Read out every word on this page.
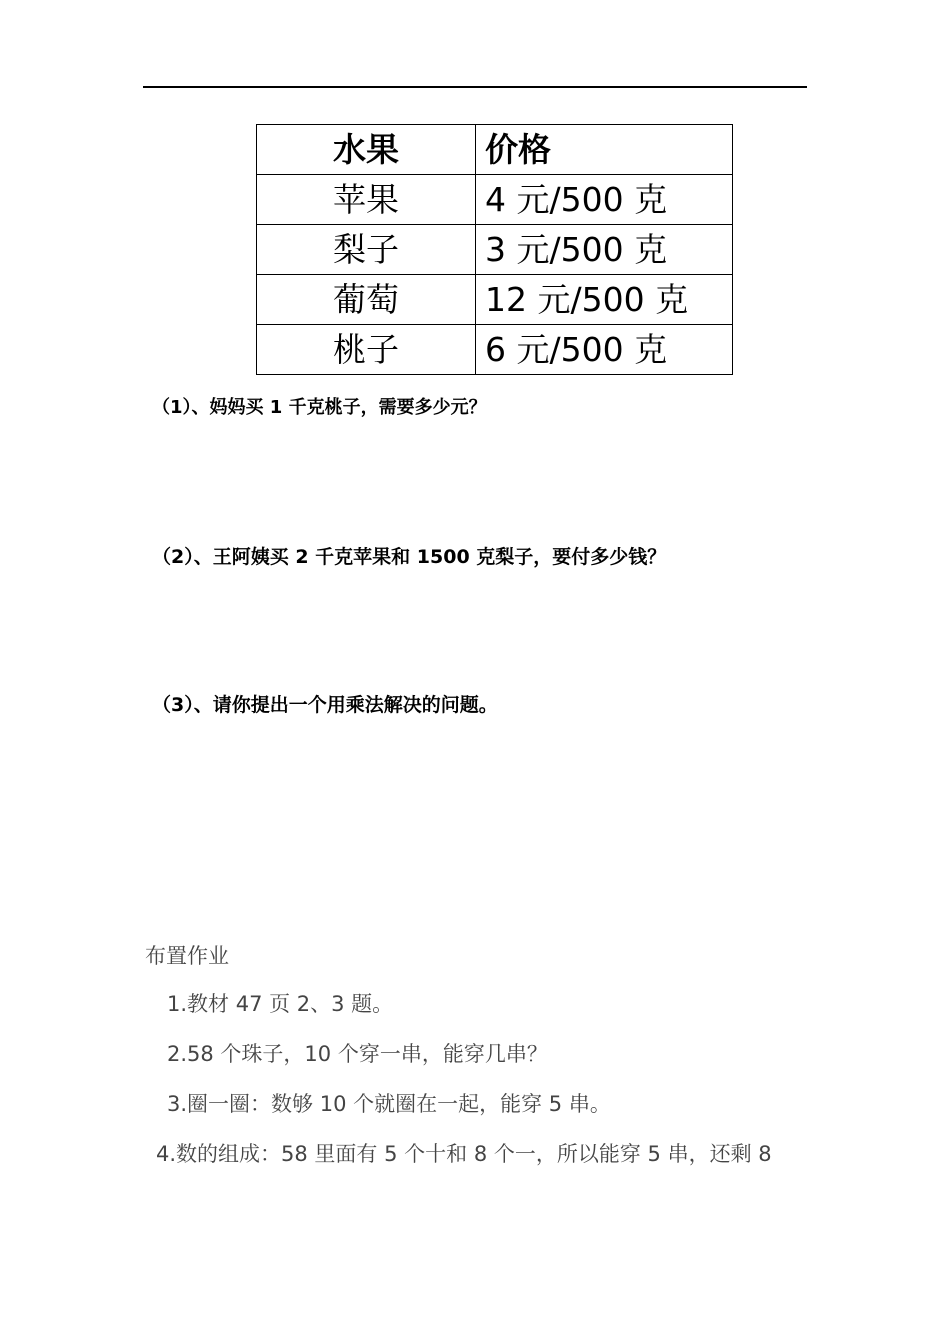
水果	价格
苹果	4 元/500 克
梨子	3 元/500 克
葡萄	12 元/500 克
桃子	6 元/500 克
（1）、妈妈买 1 千克桃子，需要多少元？
（2）、王阿姨买 2 千克苹果和 1500 克梨子，要付多少钱？
（3）、请你提出一个用乘法解决的问题。
布置作业
1.教材 47 页 2、3 题。
2.58 个珠子，10 个穿一串，能穿几串？
3.圈一圈：数够 10 个就圈在一起，能穿 5 串。
4.数的组成：58 里面有 5 个十和 8 个一，所以能穿 5 串，还剩 8
